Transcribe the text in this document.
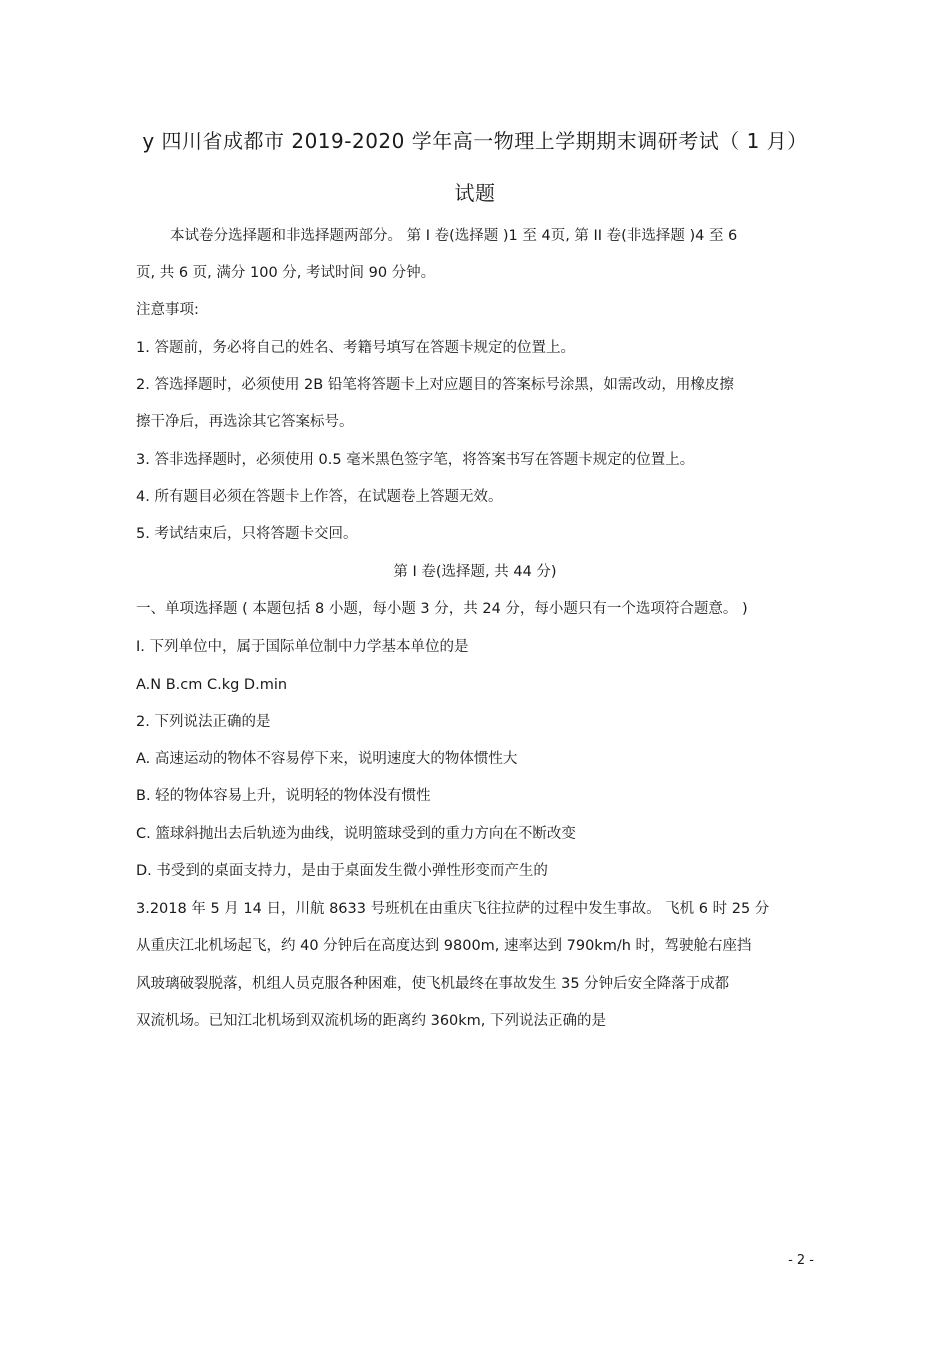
y 四川省成都市 2019-2020 学年高一物理上学期期末调研考试（ 1 月）
试题
本试卷分选择题和非选择题两部分。 第 I 卷(选择题 )1 至 4页, 第 II 卷(非选择题 )4 至 6
页, 共 6 页, 满分 100 分, 考试时间 90 分钟。
注意事项:
1. 答题前，务必将自己的姓名、考籍号填写在答题卡规定的位置上。
2. 答选择题时，必须使用 2B 铅笔将答题卡上对应题目的答案标号涂黑，如需改动，用橡皮擦
擦干净后，再选涂其它答案标号。
3. 答非选择题时，必须使用 0.5 毫米黑色签字笔，将答案书写在答题卡规定的位置上。
4. 所有题目必须在答题卡上作答，在试题卷上答题无效。
5. 考试结束后，只将答题卡交回。
第 I 卷(选择题, 共 44 分)
一、单项选择题 ( 本题包括 8 小题，每小题 3 分，共 24 分，每小题只有一个选项符合题意。 )
I. 下列单位中，属于国际单位制中力学基本单位的是
A.N B.cm C.kg D.min
2. 下列说法正确的是
A. 高速运动的物体不容易停下来，说明速度大的物体惯性大
B. 轻的物体容易上升，说明轻的物体没有惯性
C. 篮球斜抛出去后轨迹为曲线，说明篮球受到的重力方向在不断改变
D. 书受到的桌面支持力，是由于桌面发生微小弹性形变而产生的
3.2018 年 5 月 14 日，川航 8633 号班机在由重庆飞往拉萨的过程中发生事故。 飞机 6 时 25 分
从重庆江北机场起飞，约 40 分钟后在高度达到 9800m, 速率达到 790km/h 时，驾驶舱右座挡
风玻璃破裂脱落，机组人员克服各种困难，使飞机最终在事故发生 35 分钟后安全降落于成都
双流机场。已知江北机场到双流机场的距离约 360km, 下列说法正确的是
- 2 -
